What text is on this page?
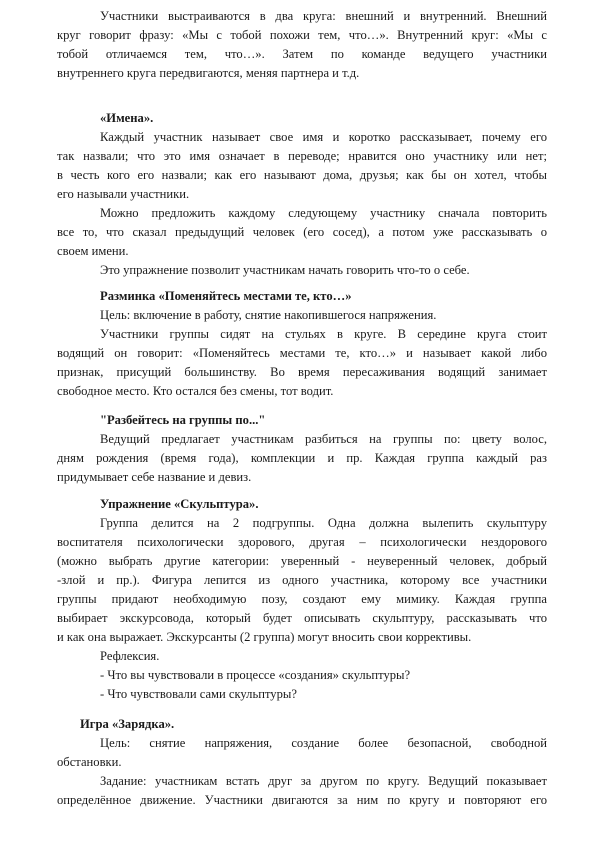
Участники выстраиваются в два круга: внешний и внутренний. Внешний

круг говорит фразу: «Мы с тобой похожи тем, что…». Внутренний круг: «Мы с

тобой отличаемся тем, что…». Затем по команде ведущего участники

внутреннего круга передвигаются, меняя партнера и т.д.

«Имена».

Каждый участник называет свое имя и коротко рассказывает, почему его

так назвали; что это имя означает в переводе; нравится оно участнику или нет;

в честь кого его назвали; как его называют дома, друзья; как бы он хотел, чтобы

его называли участники.

Можно предложить каждому следующему участнику сначала повторить

все то, что сказал предыдущий человек (его сосед), а потом уже рассказывать о

своем имени.

Это упражнение позволит участникам начать говорить что-то о себе.

Разминка «Поменяйтесь местами те, кто…»

Цель: включение в работу, снятие накопившегося напряжения.

Участники группы сидят на стульях в круге. В середине круга стоит

водящий он говорит: «Поменяйтесь местами те, кто…» и называет какой либо

признак, присущий большинству. Во время пересаживания водящий занимает

свободное место. Кто остался без смены, тот водит.

"Разбейтесь на группы по..."

Ведущий предлагает участникам разбиться на группы по: цвету волос,

дням рождения (время года), комплекции и пр. Каждая группа каждый раз

придумывает себе название и девиз.

Упражнение «Скульптура».

Группа делится на 2 подгруппы. Одна должна вылепить скульптуру

воспитателя психологически здорового, другая – психологически нездорового

(можно выбрать другие категории: уверенный - неуверенный человек, добрый

-злой и пр.). Фигура лепится из одного участника, которому все участники

группы придают необходимую позу, создают ему мимику. Каждая группа

выбирает экскурсовода, который будет описывать скульптуру, рассказывать что

и как она выражает. Экскурсанты (2 группа) могут вносить свои коррективы.

Рефлексия.

- Что вы чувствовали в процессе «создания» скульптуры?

- Что чувствовали сами скульптуры?

Игра «Зарядка».

Цель: снятие напряжения, создание более безопасной, свободной

обстановки.

Задание: участникам встать друг за другом по кругу. Ведущий показывает

определённое движение. Участники двигаются за ним по кругу и повторяют его
